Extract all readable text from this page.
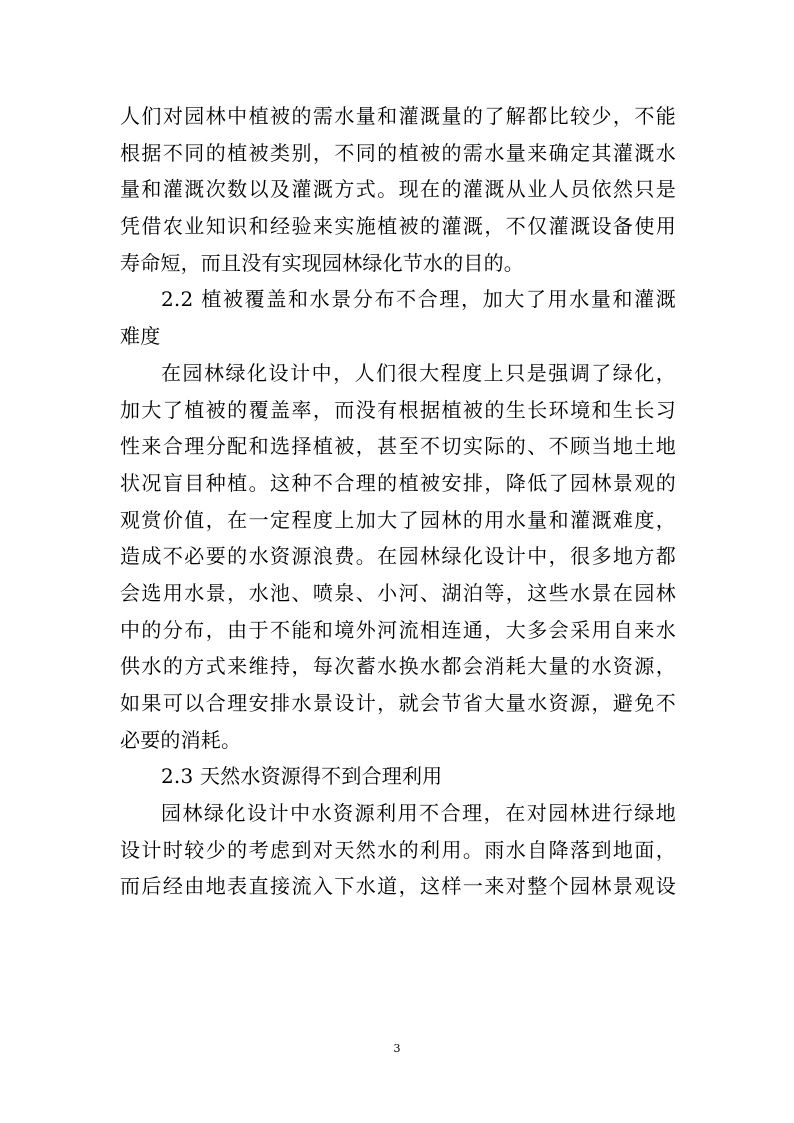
人们对园林中植被的需水量和灌溉量的了解都比较少，不能
根据不同的植被类别，不同的植被的需水量来确定其灌溉水
量和灌溉次数以及灌溉方式。现在的灌溉从业人员依然只是
凭借农业知识和经验来实施植被的灌溉，不仅灌溉设备使用
寿命短，而且没有实现园林绿化节水的目的。
2.2 植被覆盖和水景分布不合理，加大了用水量和灌溉
难度
在园林绿化设计中，人们很大程度上只是强调了绿化，
加大了植被的覆盖率，而没有根据植被的生长环境和生长习
性来合理分配和选择植被，甚至不切实际的、不顾当地土地
状况盲目种植。这种不合理的植被安排，降低了园林景观的
观赏价值，在一定程度上加大了园林的用水量和灌溉难度，
造成不必要的水资源浪费。在园林绿化设计中，很多地方都
会选用水景，水池、喷泉、小河、湖泊等，这些水景在园林
中的分布，由于不能和境外河流相连通，大多会采用自来水
供水的方式来维持，每次蓄水换水都会消耗大量的水资源，
如果可以合理安排水景设计，就会节省大量水资源，避免不
必要的消耗。
2.3 天然水资源得不到合理利用
园林绿化设计中水资源利用不合理，在对园林进行绿地
设计时较少的考虑到对天然水的利用。雨水自降落到地面，
而后经由地表直接流入下水道，这样一来对整个园林景观设
3
